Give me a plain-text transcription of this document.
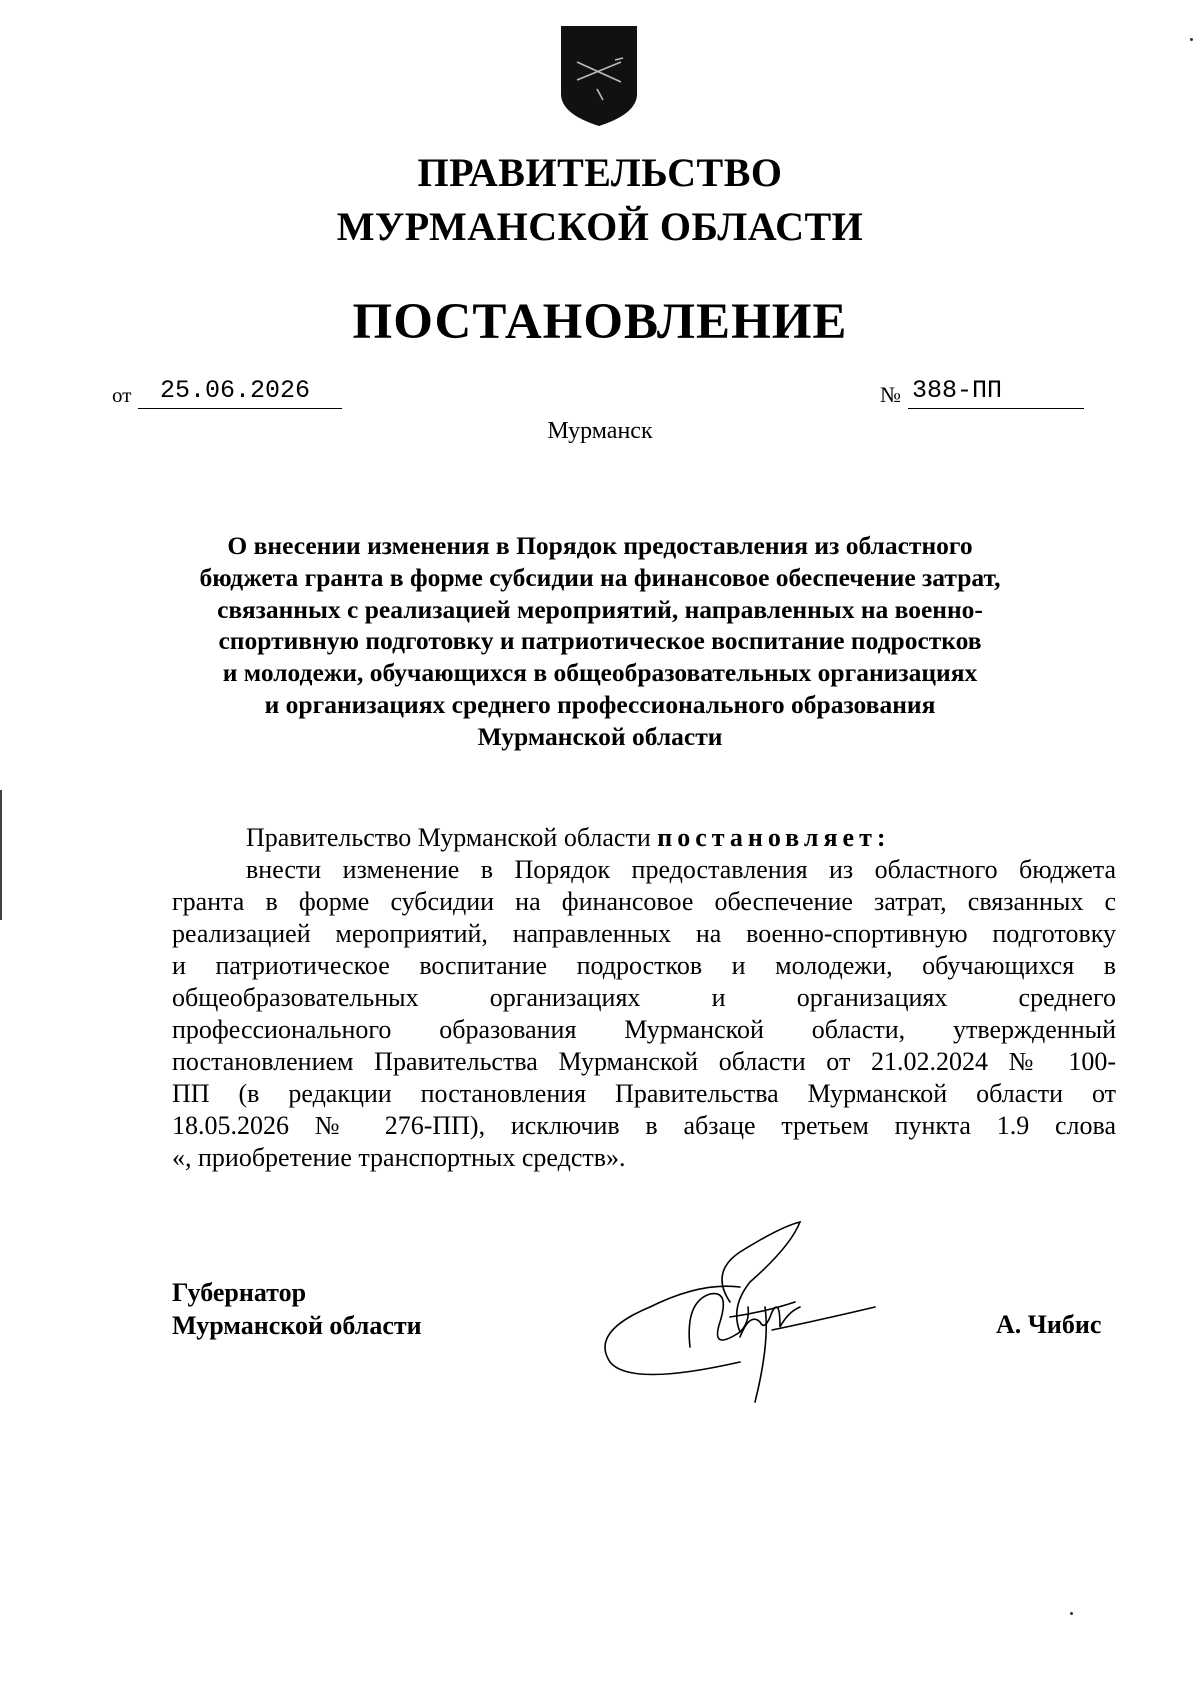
ПРАВИТЕЛЬСТВО
МУРМАНСКОЙ ОБЛАСТИ
ПОСТАНОВЛЕНИЕ
от 25.06.2026	№ 388-ПП
Мурманск
О внесении изменения в Порядок предоставления из областного
бюджета гранта в форме субсидии на финансовое обеспечение затрат,
связанных с реализацией мероприятий, направленных на военно-
спортивную подготовку и патриотическое воспитание подростков
и молодежи, обучающихся в общеобразовательных организациях
и организациях среднего профессионального образования
Мурманской области
Правительство Мурманской области постановляет:
внести изменение в Порядок предоставления из областного бюджета
гранта в форме субсидии на финансовое обеспечение затрат, связанных с
реализацией мероприятий, направленных на военно-спортивную подготовку
и патриотическое воспитание подростков и молодежи, обучающихся в
общеобразовательных организациях и организациях среднего
профессионального образования Мурманской области, утвержденный
постановлением Правительства Мурманской области от 21.02.2024 № 100-
ПП (в редакции постановления Правительства Мурманской области от
18.05.2026 № 276-ПП), исключив в абзаце третьем пункта 1.9 слова
«, приобретение транспортных средств».
Губернатор
Мурманской области	А. Чибис
